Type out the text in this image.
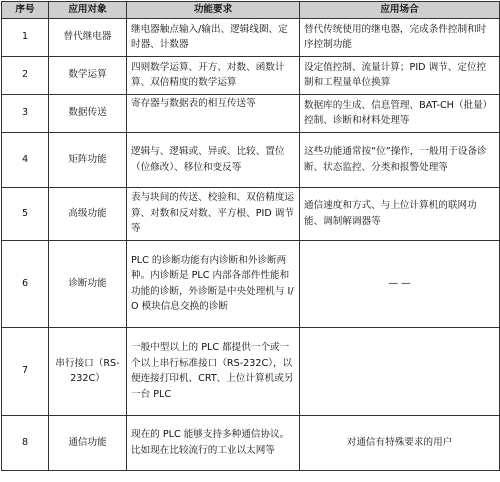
序号	应用对象	功能要求	应用场合
1	替代继电器	继电器触点输入/输出、逻辑线圈、定时器、计数器	替代传统使用的继电器，完成条件控制和时序控制功能
2	数学运算	四则数学运算、开方、对数、函数计算、双倍精度的数学运算	设定值控制、流量计算；PID 调节、定位控制和工程量单位换算
3	数据传送	寄存器与数据表的相互传送等	数据库的生成、信息管理、BAT-CH（批量）控制、诊断和材料处理等
4	矩阵功能	逻辑与、逻辑或、异或、比较、置位（位修改）、移位和变反等	这些功能通常按“位”操作，一般用于设备诊断、状态监控、分类和报警处理等
5	高级功能	表与块间的传送、校验和、双倍精度运算、对数和反对数、平方根、PID 调节等	通信速度和方式、与上位计算机的联网功能、调制解调器等
6	诊断功能	PLC 的诊断功能有内诊断和外诊断两种。内诊断是 PLC 内部各部件性能和功能的诊断，外诊断是中央处理机与 I/O 模块信息交换的诊断	— —
7	串行接口（RS-232C）	一般中型以上的 PLC 都提供一个或一个以上串行标准接口（RS-232C），以便连接打印机、CRT、上位计算机或另一台 PLC	
8	通信功能	现在的 PLC 能够支持多种通信协议。比如现在比较流行的工业以太网等	对通信有特殊要求的用户
